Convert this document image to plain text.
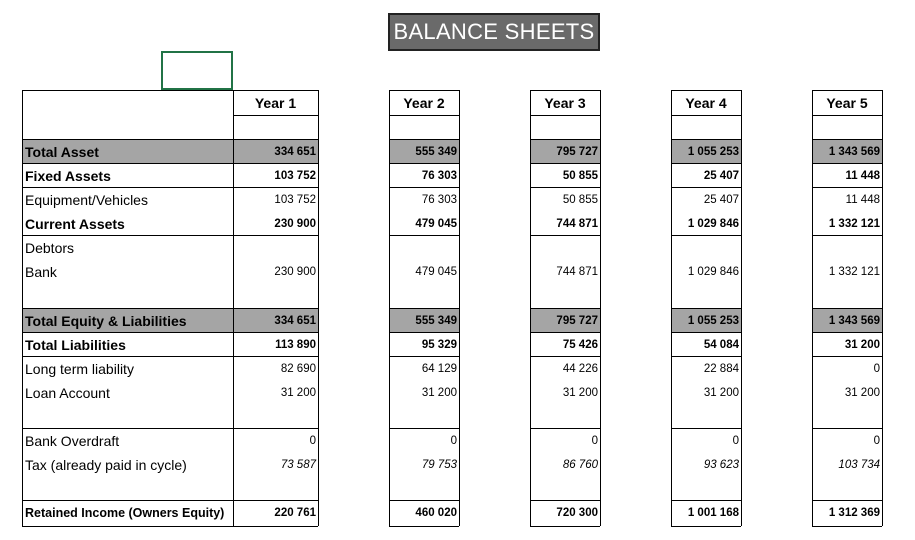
BALANCE SHEETS
Year 1	Year 2	Year 3	Year 4	Year 5
Total Asset	334 651	555 349	795 727	1 055 253	1 343 569
Fixed Assets	103 752	76 303	50 855	25 407	11 448
Equipment/Vehicles	103 752	76 303	50 855	25 407	11 448
Current Assets	230 900	479 045	744 871	1 029 846	1 332 121
Debtors
Bank	230 900	479 045	744 871	1 029 846	1 332 121
Total Equity & Liabilities	334 651	555 349	795 727	1 055 253	1 343 569
Total Liabilities	113 890	95 329	75 426	54 084	31 200
Long term liability	82 690	64 129	44 226	22 884	0
Loan Account	31 200	31 200	31 200	31 200	31 200
Bank Overdraft	0	0	0	0	0
Tax (already paid in cycle)	73 587	79 753	86 760	93 623	103 734
Retained Income (Owners Equity)	220 761	460 020	720 300	1 001 168	1 312 369
